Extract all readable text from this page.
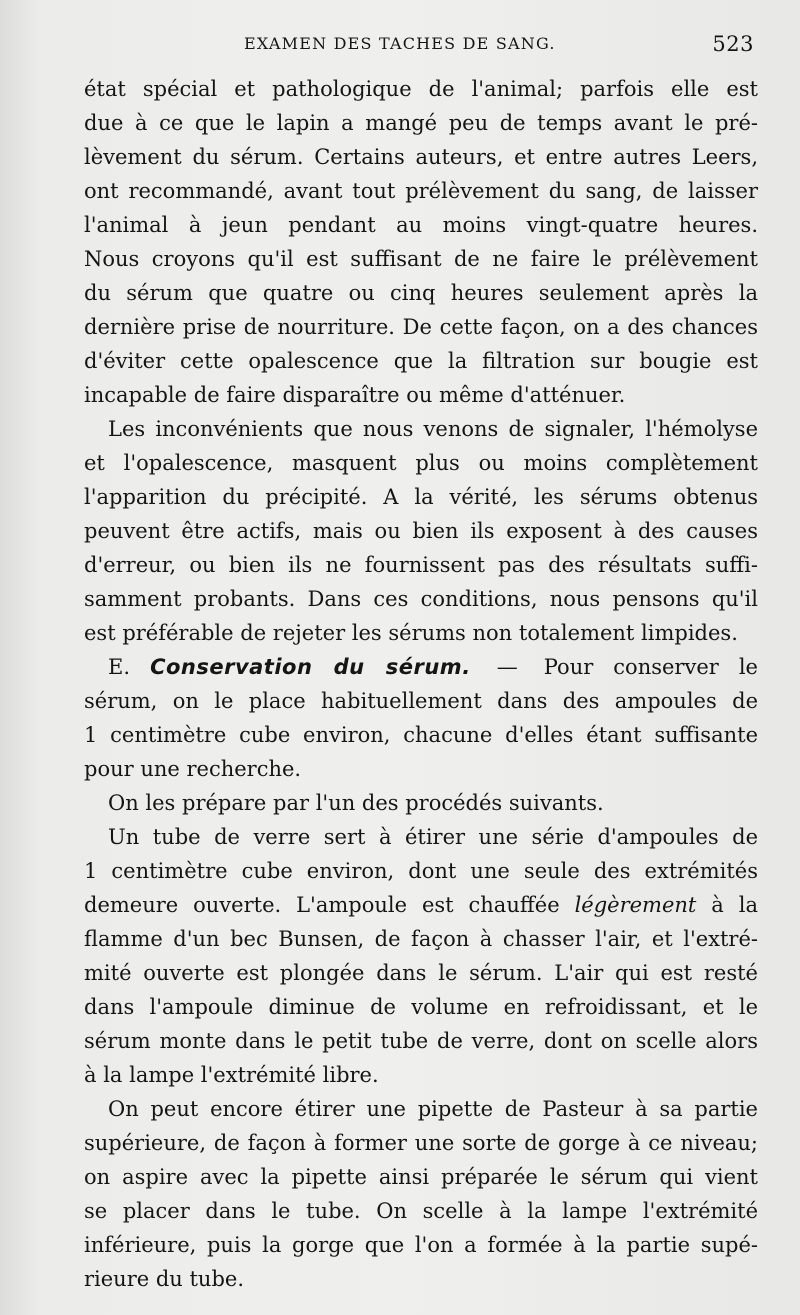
EXAMEN DES TACHES DE SANG.	523
état spécial et pathologique de l'animal; parfois elle est
due à ce que le lapin a mangé peu de temps avant le pré-
lèvement du sérum. Certains auteurs, et entre autres Leers,
ont recommandé, avant tout prélèvement du sang, de laisser
l'animal à jeun pendant au moins vingt-quatre heures.
Nous croyons qu'il est suffisant de ne faire le prélèvement
du sérum que quatre ou cinq heures seulement après la
dernière prise de nourriture. De cette façon, on a des chances
d'éviter cette opalescence que la filtration sur bougie est
incapable de faire disparaître ou même d'atténuer.
Les inconvénients que nous venons de signaler, l'hémolyse
et l'opalescence, masquent plus ou moins complètement
l'apparition du précipité. A la vérité, les sérums obtenus
peuvent être actifs, mais ou bien ils exposent à des causes
d'erreur, ou bien ils ne fournissent pas des résultats suffi-
samment probants. Dans ces conditions, nous pensons qu'il
est préférable de rejeter les sérums non totalement limpides.
E. Conservation du sérum. — Pour conserver le
sérum, on le place habituellement dans des ampoules de
1 centimètre cube environ, chacune d'elles étant suffisante
pour une recherche.
On les prépare par l'un des procédés suivants.
Un tube de verre sert à étirer une série d'ampoules de
1 centimètre cube environ, dont une seule des extrémités
demeure ouverte. L'ampoule est chauffée légèrement à la
flamme d'un bec Bunsen, de façon à chasser l'air, et l'extré-
mité ouverte est plongée dans le sérum. L'air qui est resté
dans l'ampoule diminue de volume en refroidissant, et le
sérum monte dans le petit tube de verre, dont on scelle alors
à la lampe l'extrémité libre.
On peut encore étirer une pipette de Pasteur à sa partie
supérieure, de façon à former une sorte de gorge à ce niveau;
on aspire avec la pipette ainsi préparée le sérum qui vient
se placer dans le tube. On scelle à la lampe l'extrémité
inférieure, puis la gorge que l'on a formée à la partie supé-
rieure du tube.
